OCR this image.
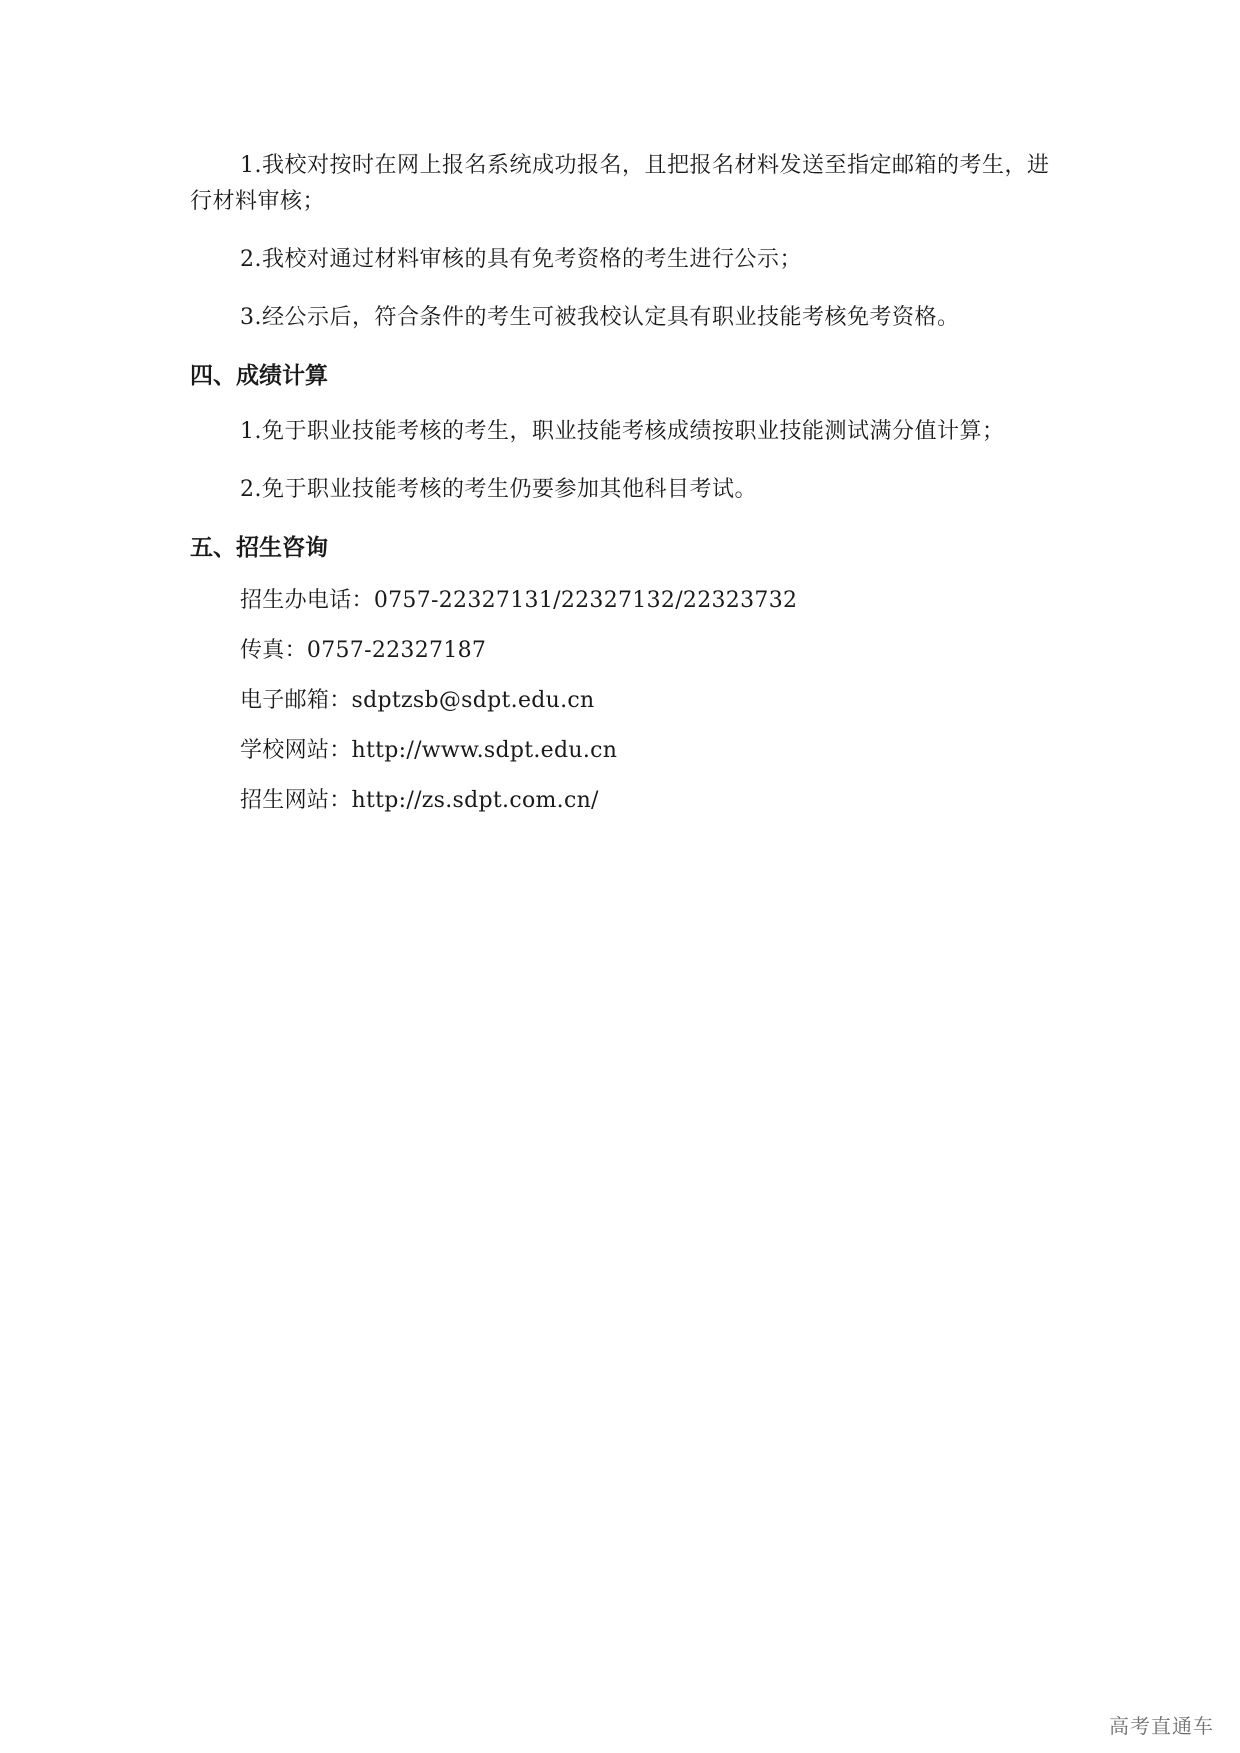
1.我校对按时在网上报名系统成功报名，且把报名材料发送至指定邮箱的考生，进行材料审核；

2.我校对通过材料审核的具有免考资格的考生进行公示；

3.经公示后，符合条件的考生可被我校认定具有职业技能考核免考资格。

四、成绩计算

1.免于职业技能考核的考生，职业技能考核成绩按职业技能测试满分值计算；

2.免于职业技能考核的考生仍要参加其他科目考试。

五、招生咨询
招生办电话：0757-22327131/22327132/22323732
传真：0757-22327187
电子邮箱：sdptzsb@sdpt.edu.cn
学校网站：http://www.sdpt.edu.cn
招生网站：http://zs.sdpt.com.cn/
高考直通车
